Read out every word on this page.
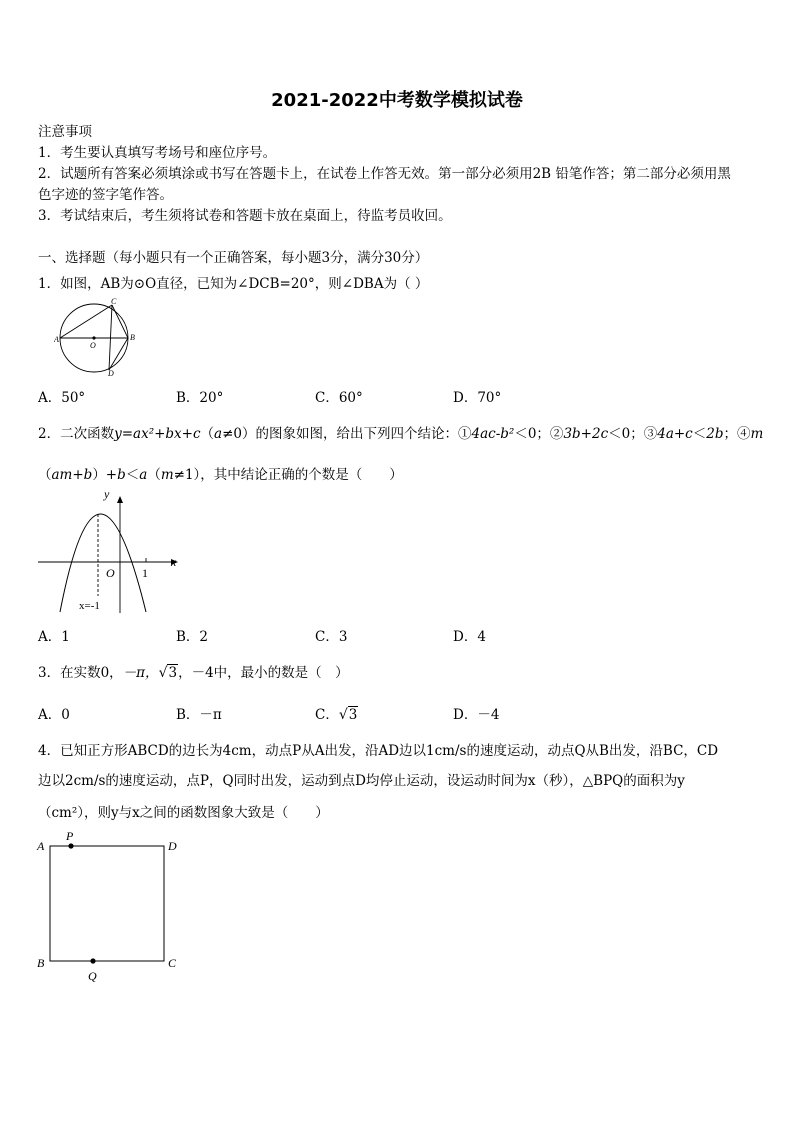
2021-2022中考数学模拟试卷
注意事项
1．考生要认真填写考场号和座位序号。
2．试题所有答案必须填涂或书写在答题卡上，在试卷上作答无效。第一部分必须用2B 铅笔作答；第二部分必须用黑
色字迹的签字笔作答。
3．考试结束后，考生须将试卷和答题卡放在桌面上，待监考员收回。
一、选择题（每小题只有一个正确答案，每小题3分，满分30分）
1．如图，AB为⊙O直径，已知为∠DCB=20°，则∠DBA为（ ）
A	B
C
D
O
A．50°	B．20°	C．60°	D．70°
2．二次函数y=ax²+bx+c（a≠0）的图象如图，给出下列四个结论：①4ac-b²＜0；②3b+2c＜0；③4a+c＜2b；④m
（am+b）+b＜a（m≠1），其中结论正确的个数是（　　）
y
x
O 1
x=-1
A．1	B．2	C．3	D．4
3．在实数0，－π，√3，－4中，最小的数是（　）
A．0	B．－π	C．√3	D．－4
4．已知正方形ABCD的边长为4cm，动点P从A出发，沿AD边以1cm/s的速度运动，动点Q从B出发，沿BC，CD
边以2cm/s的速度运动，点P，Q同时出发，运动到点D均停止运动，设运动时间为x（秒），△BPQ的面积为y
（cm²），则y与x之间的函数图象大致是（　　）
A	D
B	C
P
Q
